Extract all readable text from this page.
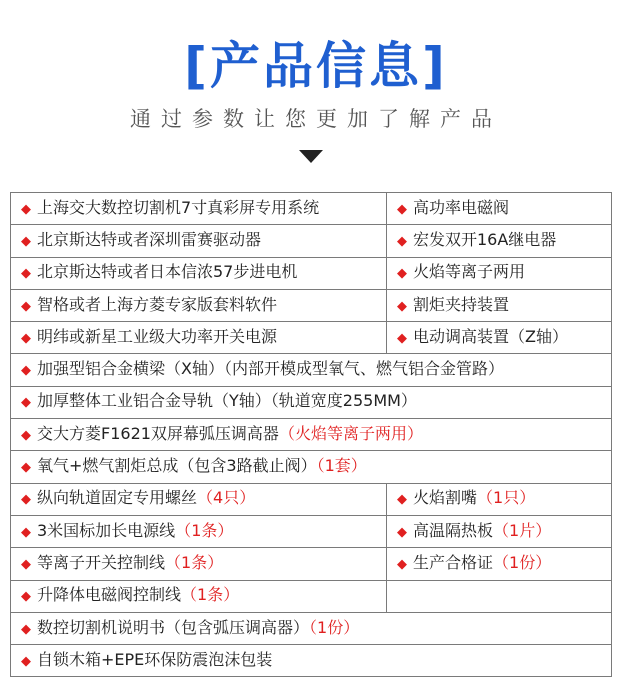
[产品信息]
通过参数让您更加了解产品
◆ 上海交大数控切割机7寸真彩屏专用系统	◆ 高功率电磁阀
◆ 北京斯达特或者深圳雷赛驱动器	◆ 宏发双开16A继电器
◆ 北京斯达特或者日本信浓57步进电机	◆ 火焰等离子两用
◆ 智格或者上海方菱专家版套料软件	◆ 割炬夹持装置
◆ 明纬或新星工业级大功率开关电源	◆ 电动调高装置（Z轴）
◆ 加强型铝合金横梁（X轴）（内部开模成型氧气、燃气铝合金管路）	
◆ 加厚整体工业铝合金导轨（Y轴）（轨道宽度255MM）	
◆ 交大方菱F1621双屏幕弧压调高器（火焰等离子两用）	
◆ 氧气+燃气割炬总成（包含3路截止阀）（1套）	
◆ 纵向轨道固定专用螺丝（4只）	◆ 火焰割嘴（1只）
◆ 3米国标加长电源线（1条）	◆ 高温隔热板（1片）
◆ 等离子开关控制线（1条）	◆ 生产合格证（1份）
◆ 升降体电磁阀控制线（1条）	
◆ 数控切割机说明书（包含弧压调高器）（1份）	
◆ 自锁木箱+EPE环保防震泡沫包装	
